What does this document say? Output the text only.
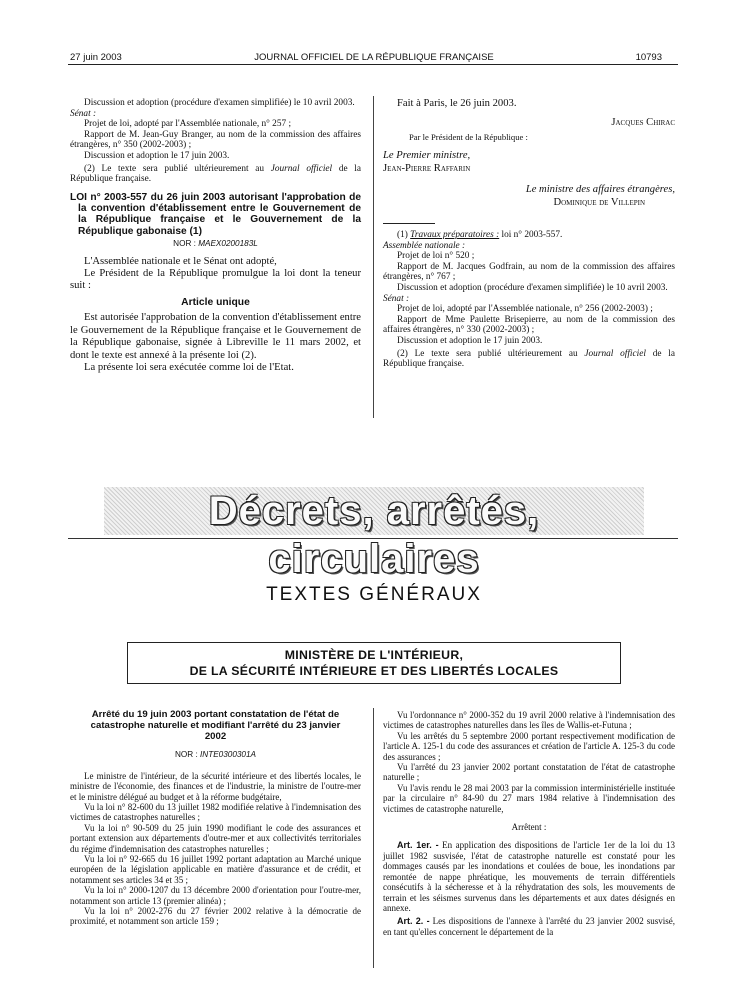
27 juin 2003	JOURNAL OFFICIEL DE LA RÉPUBLIQUE FRANÇAISE	10793

Discussion et adoption (procédure d'examen simplifiée) le 10 avril 2003.

Sénat :

Projet de loi, adopté par l'Assemblée nationale, n° 257 ;

Rapport de M. Jean-Guy Branger, au nom de la commission des affaires étrangères, n° 350 (2002-2003) ;

Discussion et adoption le 17 juin 2003.

(2) Le texte sera publié ultérieurement au Journal officiel de la République française.

LOI n° 2003-557 du 26 juin 2003 autorisant l'approbation de la convention d'établissement entre le Gouvernement de la République française et le Gouvernement de la République gabonaise (1)

NOR : MAEX0200183L

L'Assemblée nationale et le Sénat ont adopté,

Le Président de la République promulgue la loi dont la teneur suit :

Article unique

Est autorisée l'approbation de la convention d'établissement entre le Gouvernement de la République française et le Gouvernement de la République gabonaise, signée à Libreville le 11 mars 2002, et dont le texte est annexé à la présente loi (2).

La présente loi sera exécutée comme loi de l'Etat.

Fait à Paris, le 26 juin 2003.

Jacques Chirac

Par le Président de la République :

Le Premier ministre,

Jean-Pierre Raffarin

Le ministre des affaires étrangères,

Dominique de Villepin

(1) Travaux préparatoires : loi n° 2003-557.

Assemblée nationale :

Projet de loi n° 520 ;

Rapport de M. Jacques Godfrain, au nom de la commission des affaires étrangères, n° 767 ;

Discussion et adoption (procédure d'examen simplifiée) le 10 avril 2003.

Sénat :

Projet de loi, adopté par l'Assemblée nationale, n° 256 (2002-2003) ;

Rapport de Mme Paulette Brisepierre, au nom de la commission des affaires étrangères, n° 330 (2002-2003) ;

Discussion et adoption le 17 juin 2003.

(2) Le texte sera publié ultérieurement au Journal officiel de la République française.

Décrets, arrêtés, circulaires
TEXTES GÉNÉRAUX
MINISTÈRE DE L'INTÉRIEUR,
DE LA SÉCURITÉ INTÉRIEURE ET DES LIBERTÉS LOCALES

Arrêté du 19 juin 2003 portant constatation de l'état de catastrophe naturelle et modifiant l'arrêté du 23 janvier 2002

NOR : INTE0300301A

Le ministre de l'intérieur, de la sécurité intérieure et des libertés locales, le ministre de l'économie, des finances et de l'industrie, la ministre de l'outre-mer et le ministre délégué au budget et à la réforme budgétaire,

Vu la loi n° 82-600 du 13 juillet 1982 modifiée relative à l'indemnisation des victimes de catastrophes naturelles ;

Vu la loi n° 90-509 du 25 juin 1990 modifiant le code des assurances et portant extension aux départements d'outre-mer et aux collectivités territoriales du régime d'indemnisation des catastrophes naturelles ;

Vu la loi n° 92-665 du 16 juillet 1992 portant adaptation au Marché unique européen de la législation applicable en matière d'assurance et de crédit, et notamment ses articles 34 et 35 ;

Vu la loi n° 2000-1207 du 13 décembre 2000 d'orientation pour l'outre-mer, notamment son article 13 (premier alinéa) ;

Vu la loi n° 2002-276 du 27 février 2002 relative à la démocratie de proximité, et notamment son article 159 ;

Vu l'ordonnance n° 2000-352 du 19 avril 2000 relative à l'indemnisation des victimes de catastrophes naturelles dans les îles de Wallis-et-Futuna ;

Vu les arrêtés du 5 septembre 2000 portant respectivement modification de l'article A. 125-1 du code des assurances et création de l'article A. 125-3 du code des assurances ;

Vu l'arrêté du 23 janvier 2002 portant constatation de l'état de catastrophe naturelle ;

Vu l'avis rendu le 28 mai 2003 par la commission interministérielle instituée par la circulaire n° 84-90 du 27 mars 1984 relative à l'indemnisation des victimes de catastrophe naturelle,

Arrêtent :

Art. 1er. - En application des dispositions de l'article 1er de la loi du 13 juillet 1982 susvisée, l'état de catastrophe naturelle est constaté pour les dommages causés par les inondations et coulées de boue, les inondations par remontée de nappe phréatique, les mouvements de terrain différentiels consécutifs à la sécheresse et à la réhydratation des sols, les mouvements de terrain et les séismes survenus dans les départements et aux dates désignés en annexe.

Art. 2. - Les dispositions de l'annexe à l'arrêté du 23 janvier 2002 susvisé, en tant qu'elles concernent le département de la
